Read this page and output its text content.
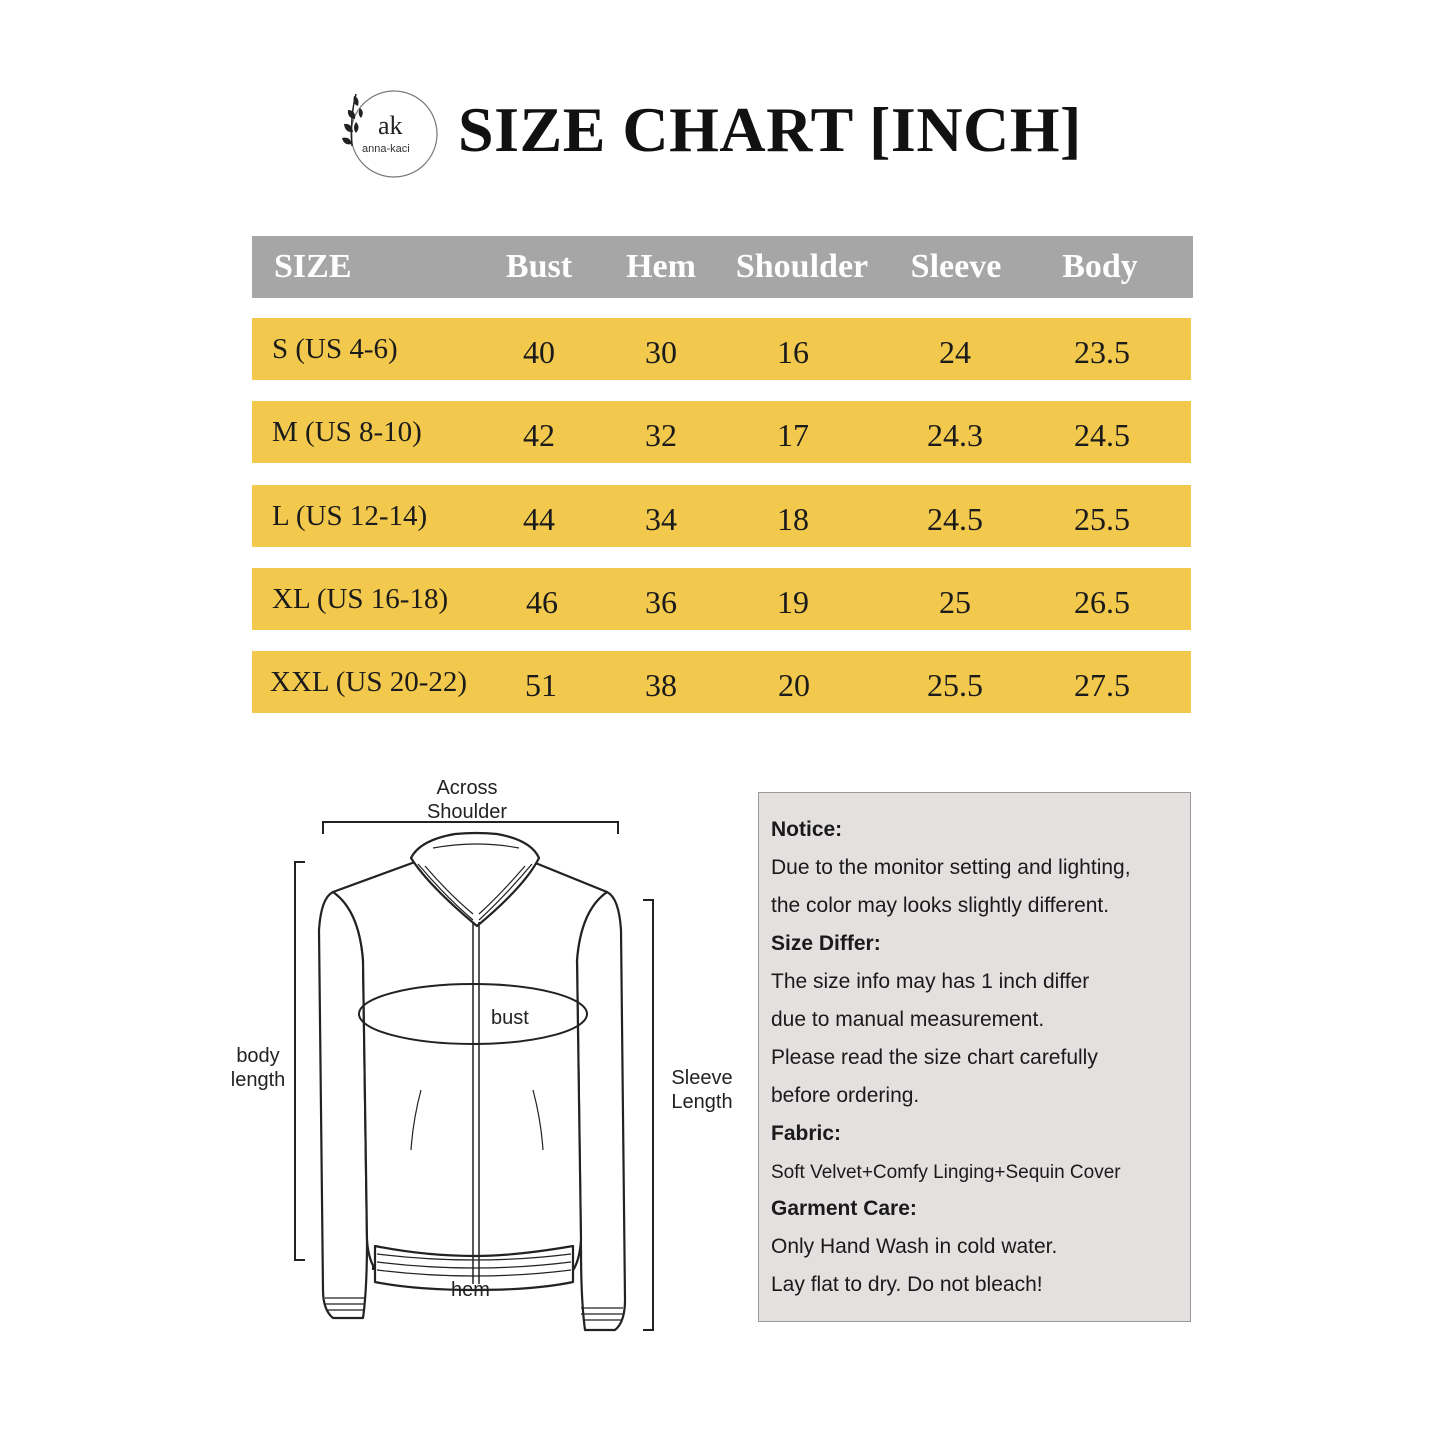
ak
anna-kaci SIZE CHART [INCH]
SIZE	Bust Hem Shoulder Sleeve Body
S (US 4-6)	40	30	16	24	23.5
M (US 8-10)	42	32	17	24.3	24.5
L (US 12-14)	44	34	18	24.5	25.5
XL (US 16-18) 46	36	19	25	26.5
XXL (US 20-22) 51	38	20	25.5	27.5
Across
Shoulder
bust
body
length	Sleeve
Length
hem
Notice:
Due to the monitor setting and lighting,
the color may looks slightly different.
Size Differ:
The size info may has 1 inch differ
due to manual measurement.
Please read the size chart carefully
before ordering.
Fabric:
Soft Velvet+Comfy Linging+Sequin Cover
Garment Care:
Only Hand Wash in cold water.
Lay flat to dry. Do not bleach!
